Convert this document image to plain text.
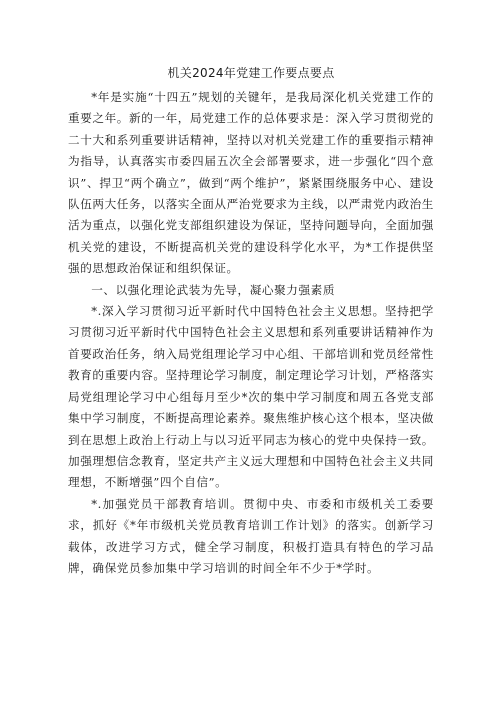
机关2024年党建工作要点要点

*年是实施“十四五”规划的关键年，是我局深化机关党建工作的重要之年。新的一年，局党建工作的总体要求是：深入学习贯彻党的二十大和系列重要讲话精神，坚持以对机关党建工作的重要指示精神为指导，认真落实市委四届五次全会部署要求，进一步强化“四个意识”、捍卫“两个确立”，做到“两个维护”，紧紧围绕服务中心、建设队伍两大任务，以落实全面从严治党要求为主线，以严肃党内政治生活为重点，以强化党支部组织建设为保证，坚持问题导向，全面加强机关党的建设，不断提高机关党的建设科学化水平，为*工作提供坚强的思想政治保证和组织保证。

一、以强化理论武装为先导，凝心聚力强素质

*.深入学习贯彻习近平新时代中国特色社会主义思想。坚持把学习贯彻习近平新时代中国特色社会主义思想和系列重要讲话精神作为首要政治任务，纳入局党组理论学习中心组、干部培训和党员经常性教育的重要内容。坚持理论学习制度，制定理论学习计划，严格落实局党组理论学习中心组每月至少*次的集中学习制度和周五各党支部集中学习制度，不断提高理论素养。聚焦维护核心这个根本，坚决做到在思想上政治上行动上与以习近平同志为核心的党中央保持一致。加强理想信念教育，坚定共产主义远大理想和中国特色社会主义共同理想，不断增强”四个自信”。

*.加强党员干部教育培训。贯彻中央、市委和市级机关工委要求，抓好《*年市级机关党员教育培训工作计划》的落实。创新学习载体，改进学习方式，健全学习制度，积极打造具有特色的学习品牌，确保党员参加集中学习培训的时间全年不少于*学时。
